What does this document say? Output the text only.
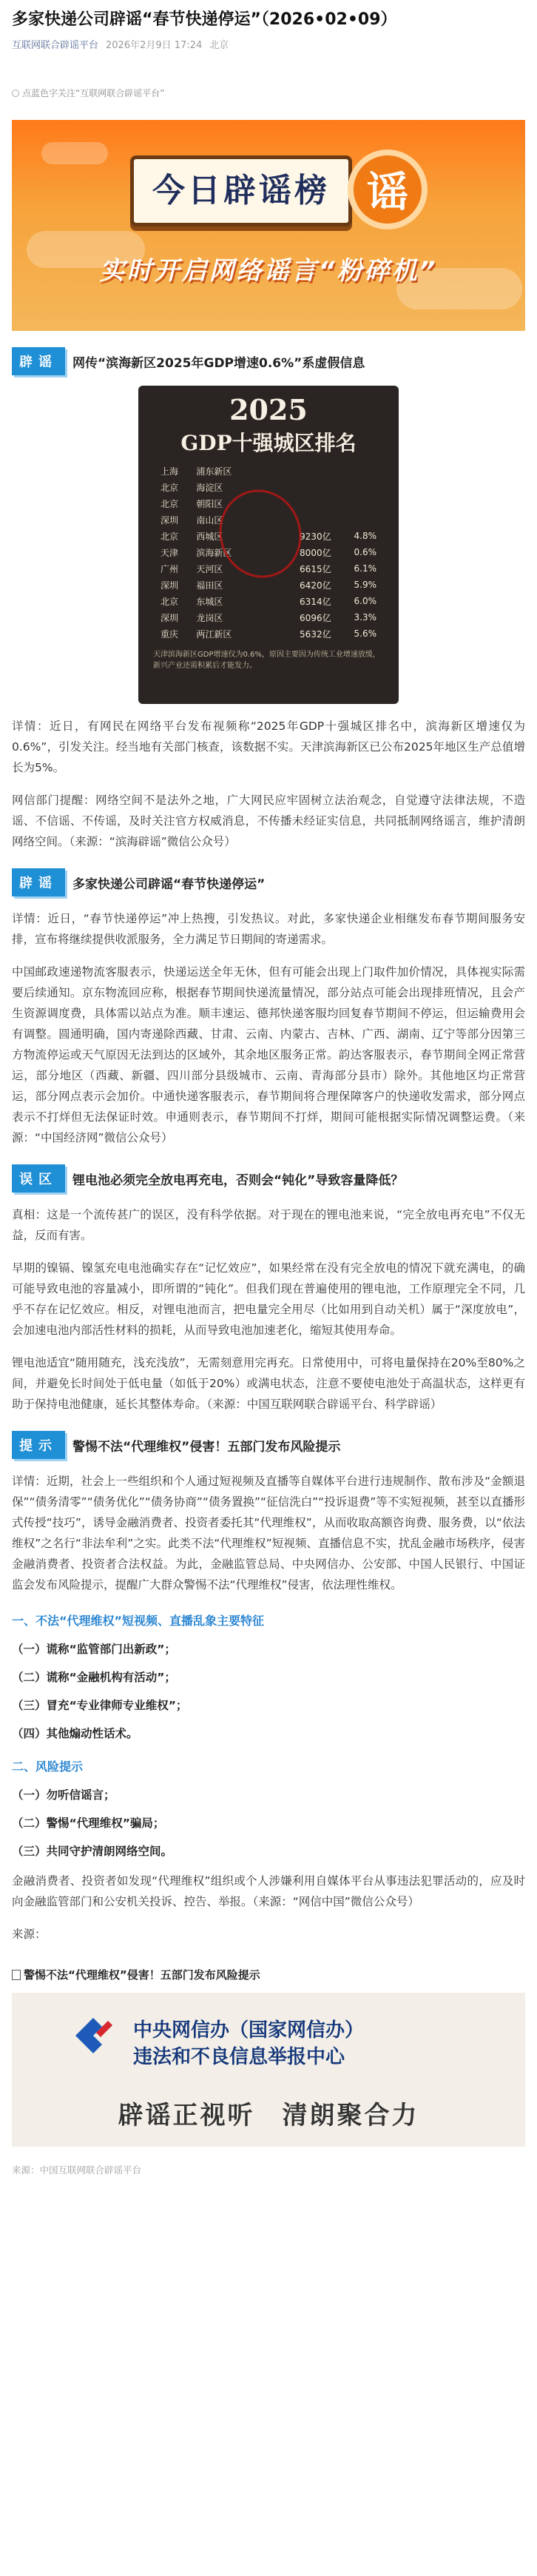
多家快递公司辟谣“春节快递停运”（2026•02•09）
互联网联合辟谣平台 2026年2月9日 17:24 北京
点蓝色字关注“互联网联合辟谣平台”
今日辟谣榜 谣
实时开启网络谣言“粉碎机”
辟谣	网传“滨海新区2025年GDP增速0.6%”系虚假信息
2025
GDP十强城区排名
上海	浦东新区		
北京	海淀区		
北京	朝阳区		
深圳	南山区		
北京	西城区	9230亿	4.8%
天津	滨海新区	8000亿	0.6%
广州	天河区	6615亿	6.1%
深圳	福田区	6420亿	5.9%
北京	东城区	6314亿	6.0%
深圳	龙岗区	6096亿	3.3%
重庆	两江新区	5632亿	5.6%
天津滨海新区GDP增速仅为0.6%，原因主要因为传统工业增速放缓，新兴产业还需积累后才能发力。

详情：近日，有网民在网络平台发布视频称“2025年GDP十强城区排名中，滨海新区增速仅为0.6%”，引发关注。经当地有关部门核查，该数据不实。天津滨海新区已公布2025年地区生产总值增长为5%。

网信部门提醒：网络空间不是法外之地，广大网民应牢固树立法治观念，自觉遵守法律法规，不造谣、不信谣、不传谣，及时关注官方权威消息，不传播未经证实信息，共同抵制网络谣言，维护清朗网络空间。（来源：“滨海辟谣”微信公众号）

辟谣	多家快递公司辟谣“春节快递停运”

详情：近日，“春节快递停运”冲上热搜，引发热议。对此，多家快递企业相继发布春节期间服务安排，宣布将继续提供收派服务，全力满足节日期间的寄递需求。

中国邮政速递物流客服表示，快递运送全年无休，但有可能会出现上门取件加价情况，具体视实际需要后续通知。京东物流回应称，根据春节期间快递流量情况，部分站点可能会出现排班情况，且会产生资源调度费，具体需以站点为准。顺丰速运、德邦快递客服均回复春节期间不停运，但运输费用会有调整。圆通明确，国内寄递除西藏、甘肃、云南、内蒙古、吉林、广西、湖南、辽宁等部分因第三方物流停运或天气原因无法到达的区域外，其余地区服务正常。韵达客服表示，春节期间全网正常营运，部分地区（西藏、新疆、四川部分县级城市、云南、青海部分县市）除外。其他地区均正常营运，部分网点表示会加价。中通快递客服表示，春节期间将合理保障客户的快递收发需求，部分网点表示不打烊但无法保证时效。申通则表示，春节期间不打烊，期间可能根据实际情况调整运费。（来源：“中国经济网”微信公众号）

误区	锂电池必须完全放电再充电，否则会“钝化”导致容量降低？

真相：这是一个流传甚广的误区，没有科学依据。对于现在的锂电池来说，“完全放电再充电”不仅无益，反而有害。

早期的镍镉、镍氢充电电池确实存在“记忆效应”，如果经常在没有完全放电的情况下就充满电，的确可能导致电池的容量减小，即所谓的“钝化”。但我们现在普遍使用的锂电池，工作原理完全不同，几乎不存在记忆效应。相反，对锂电池而言，把电量完全用尽（比如用到自动关机）属于“深度放电”，会加速电池内部活性材料的损耗，从而导致电池加速老化，缩短其使用寿命。

锂电池适宜“随用随充，浅充浅放”，无需刻意用完再充。日常使用中，可将电量保持在20%至80%之间，并避免长时间处于低电量（如低于20%）或满电状态，注意不要使电池处于高温状态，这样更有助于保持电池健康，延长其整体寿命。（来源：中国互联网联合辟谣平台、科学辟谣）

提示	警惕不法“代理维权”侵害！五部门发布风险提示

详情：近期，社会上一些组织和个人通过短视频及直播等自媒体平台进行违规制作、散布涉及“金额退保”“债务清零”“债务优化”“债务协商”“债务置换”“征信洗白”“投诉退费”等不实短视频，甚至以直播形式传授“技巧”，诱导金融消费者、投资者委托其“代理维权”，从而收取高额咨询费、服务费，以“依法维权”之名行“非法牟利”之实。此类不法“代理维权”短视频、直播信息不实，扰乱金融市场秩序，侵害金融消费者、投资者合法权益。为此，金融监管总局、中央网信办、公安部、中国人民银行、中国证监会发布风险提示，提醒广大群众警惕不法“代理维权”侵害，依法理性维权。

一、不法“代理维权”短视频、直播乱象主要特征
（一）谎称“监管部门出新政”；
（二）谎称“金融机构有活动”；
（三）冒充“专业律师专业维权”；
（四）其他煽动性话术。
二、风险提示
（一）勿听信谣言；
（二）警惕“代理维权”骗局；
（三）共同守护清朗网络空间。

金融消费者、投资者如发现“代理维权”组织或个人涉嫌利用自媒体平台从事违法犯罪活动的，应及时向金融监管部门和公安机关投诉、控告、举报。（来源：“网信中国”微信公众号）

来源：

警惕不法“代理维权”侵害！五部门发布风险提示
中央网信办（国家网信办）
违法和不良信息举报中心
辟谣正视听　清朗聚合力
来源：中国互联网联合辟谣平台
